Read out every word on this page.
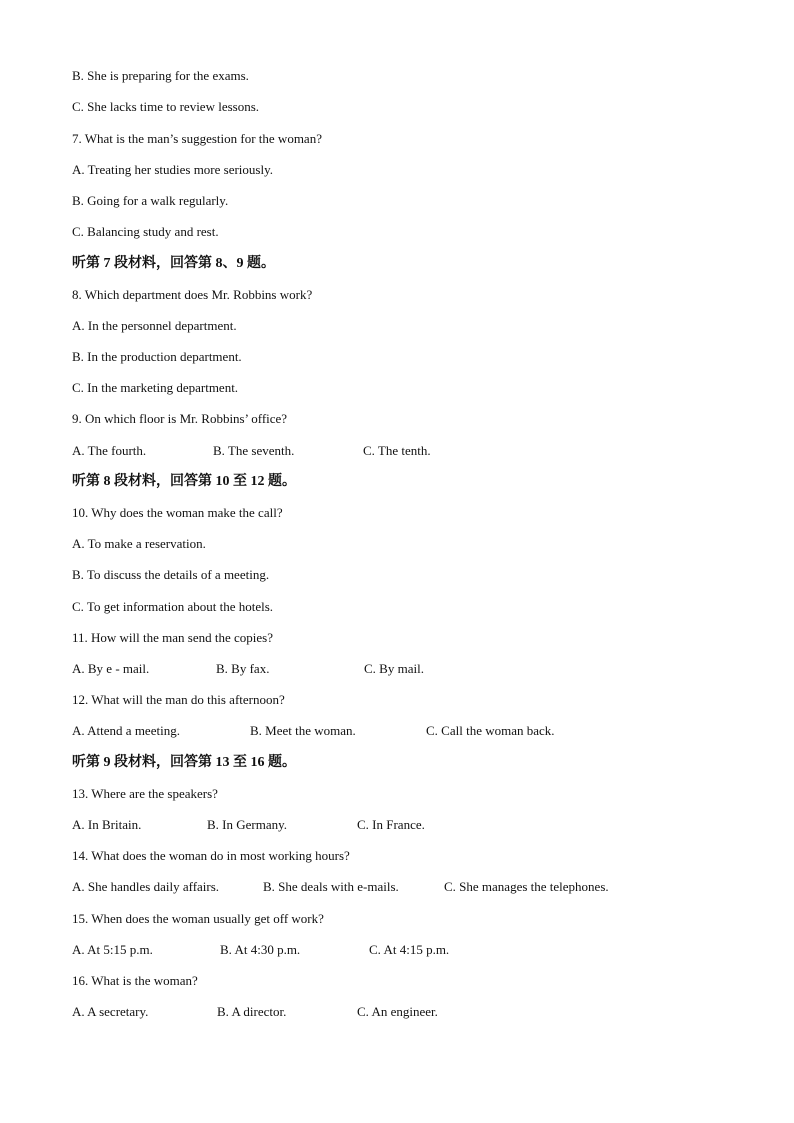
B. She is preparing for the exams.
C. She lacks time to review lessons.
7. What is the man’s suggestion for the woman?
A. Treating her studies more seriously.
B. Going for a walk regularly.
C. Balancing study and rest.
听第 7 段材料，回答第 8、9 题。
8. Which department does Mr. Robbins work?
A. In the personnel department.
B. In the production department.
C. In the marketing department.
9. On which floor is Mr. Robbins’ office?
A. The fourth.	B. The seventh.	C. The tenth.
听第 8 段材料，回答第 10 至 12 题。
10. Why does the woman make the call?
A. To make a reservation.
B. To discuss the details of a meeting.
C. To get information about the hotels.
11. How will the man send the copies?
A. By e - mail.	B. By fax.	C. By mail.
12. What will the man do this afternoon?
A. Attend a meeting.	B. Meet the woman.	C. Call the woman back.
听第 9 段材料，回答第 13 至 16 题。
13. Where are the speakers?
A. In Britain.	B. In Germany.	C. In France.
14. What does the woman do in most working hours?
A. She handles daily affairs.	B. She deals with e-mails.	C. She manages the telephones.
15. When does the woman usually get off work?
A. At 5:15 p.m.	B. At 4:30 p.m.	C. At 4:15 p.m.
16. What is the woman?
A. A secretary.	B. A director.	C. An engineer.
